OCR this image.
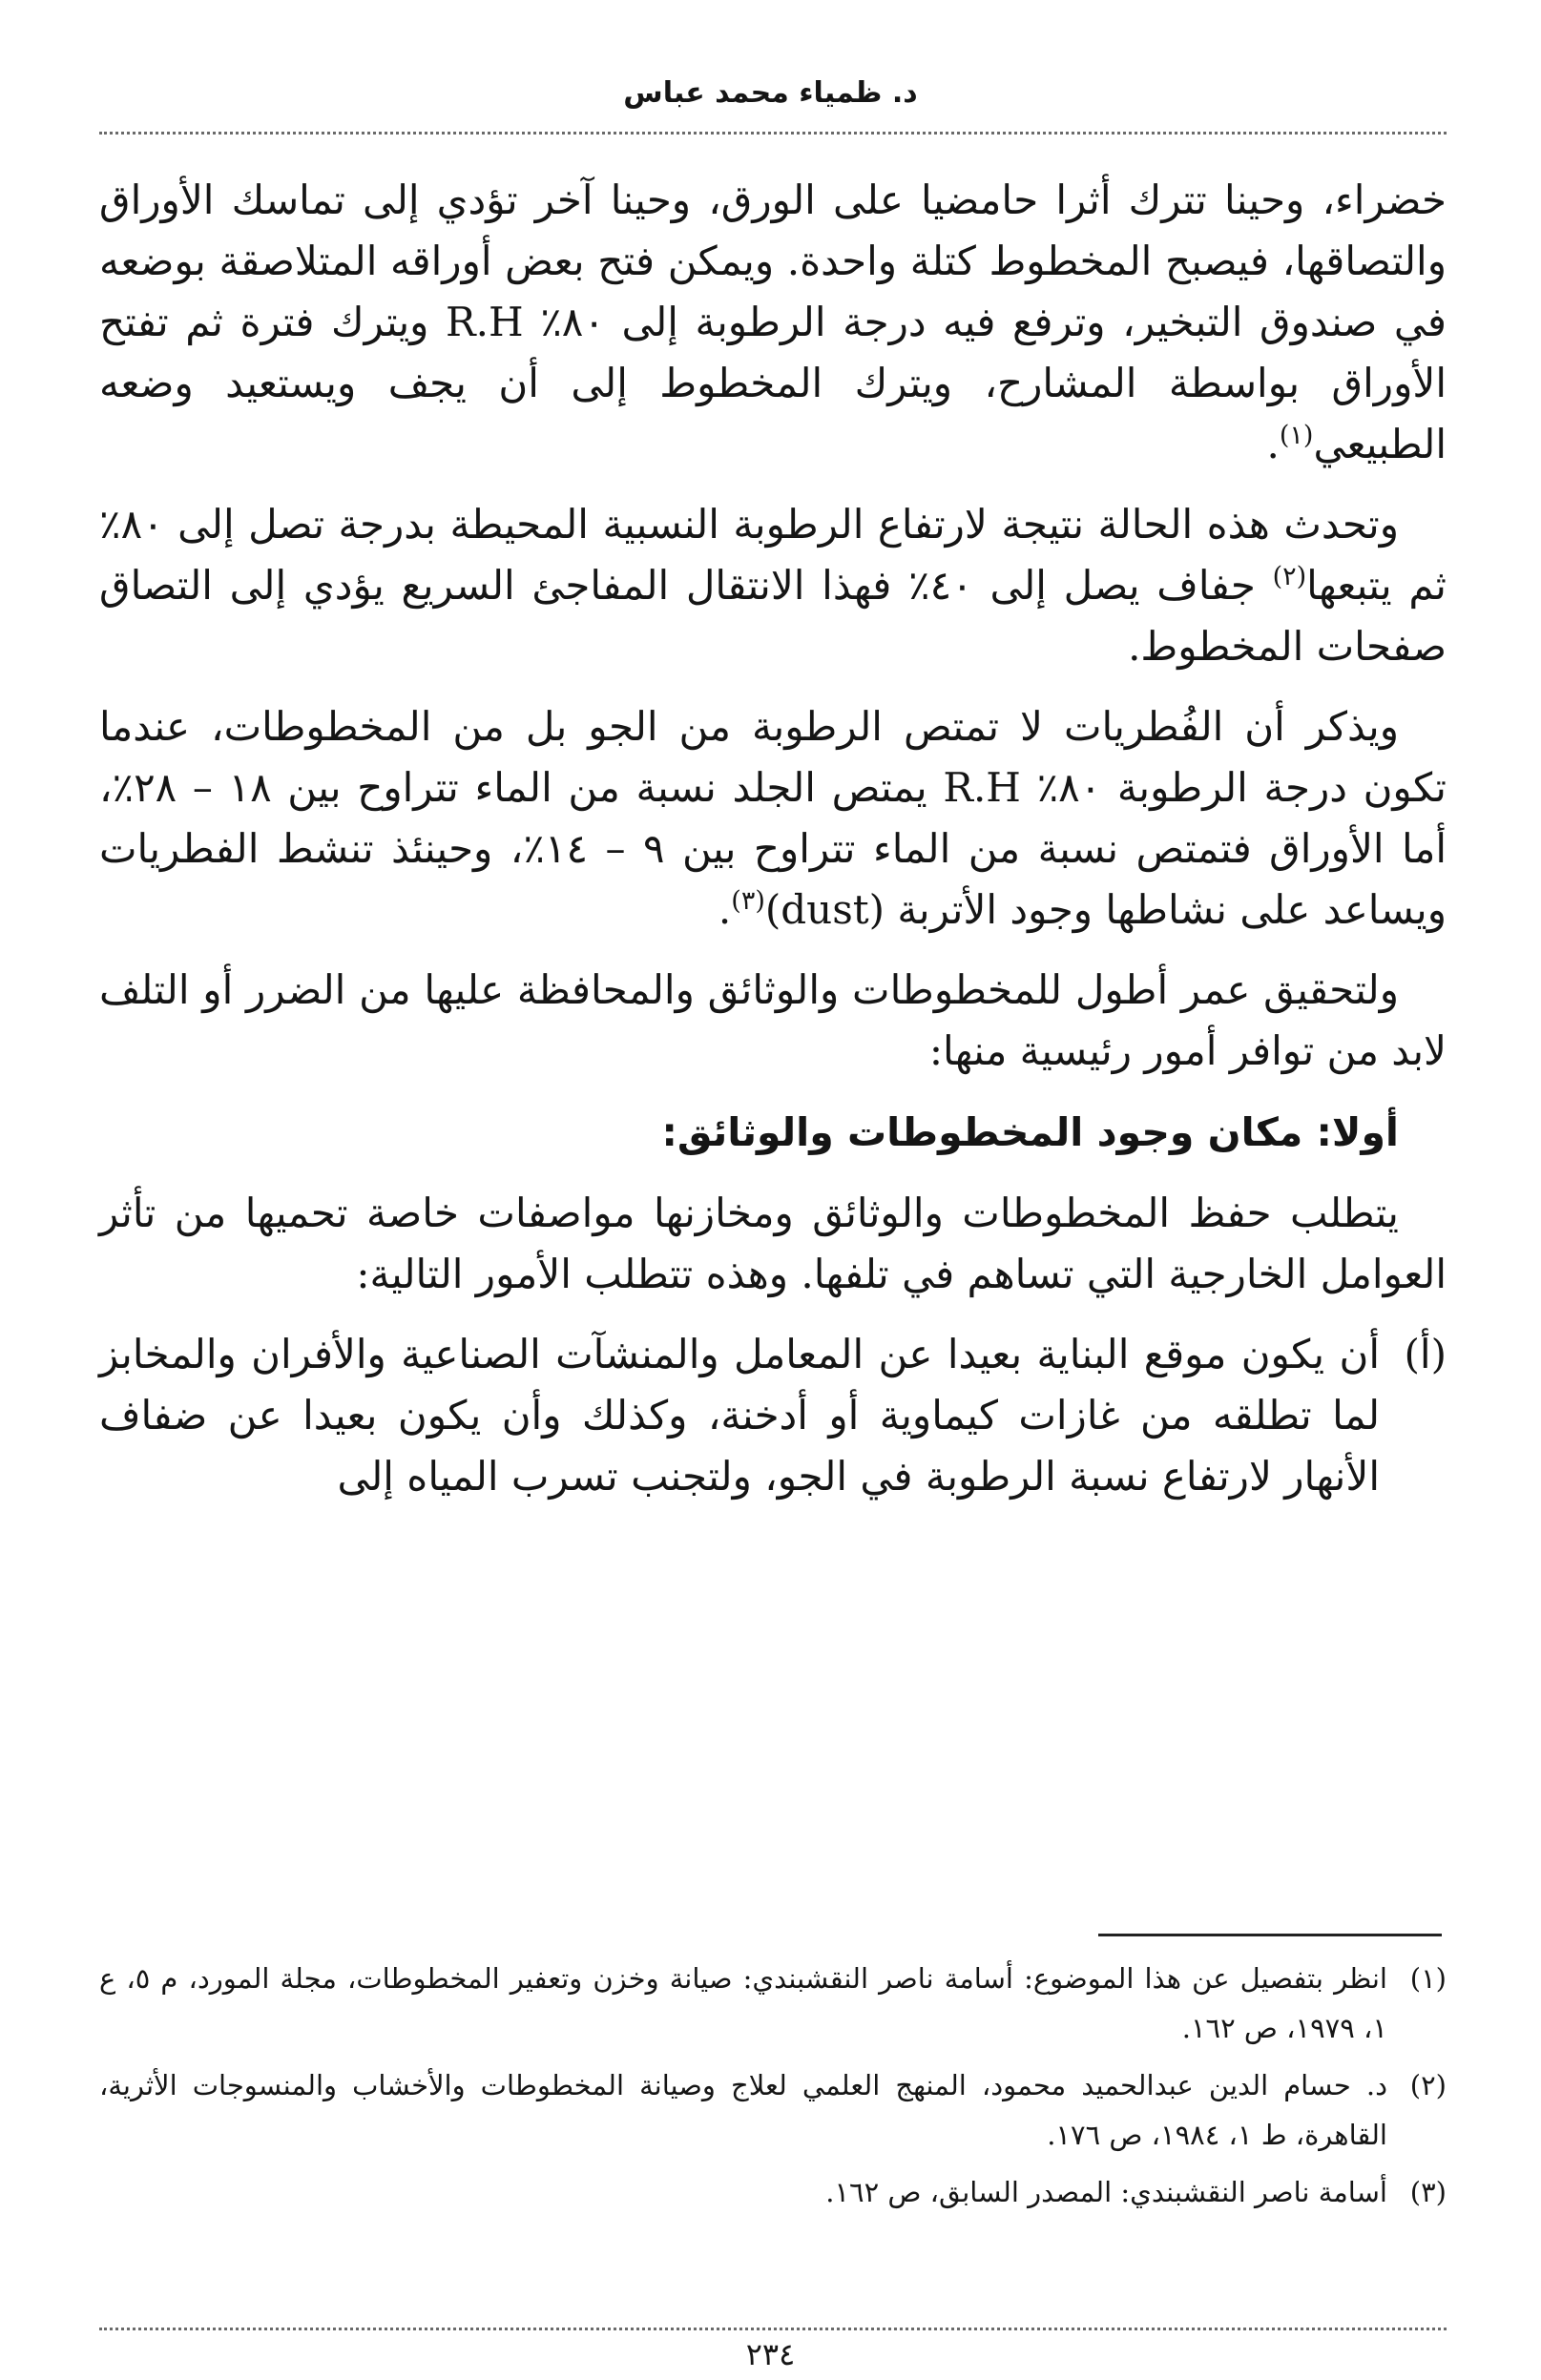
د. ظمياء محمد عباس

خضراء، وحينا تترك أثرا حامضيا على الورق، وحينا آخر تؤدي إلى تماسك الأوراق والتصاقها، فيصبح المخطوط كتلة واحدة. ويمكن فتح بعض أوراقه المتلاصقة بوضعه في صندوق التبخير، وترفع فيه درجة الرطوبة إلى ٨٠٪ R.H ويترك فترة ثم تفتح الأوراق بواسطة المشارح، ويترك المخطوط إلى أن يجف ويستعيد وضعه الطبيعي$^{(١)}$.

وتحدث هذه الحالة نتيجة لارتفاع الرطوبة النسبية المحيطة بدرجة تصل إلى ٨٠٪ ثم يتبعها$^{(٢)}$ جفاف يصل إلى ٤٠٪ فهذا الانتقال المفاجئ السريع يؤدي إلى التصاق صفحات المخطوط.

ويذكر أن الفُطريات لا تمتص الرطوبة من الجو بل من المخطوطات، عندما تكون درجة الرطوبة ٨٠٪ R.H يمتص الجلد نسبة من الماء تتراوح بين ١٨ – ٢٨٪، أما الأوراق فتمتص نسبة من الماء تتراوح بين ٩ – ١٤٪، وحينئذ تنشط الفطريات ويساعد على نشاطها وجود الأتربة (dust)$^{(٣)}$.

ولتحقيق عمر أطول للمخطوطات والوثائق والمحافظة عليها من الضرر أو التلف لابد من توافر أمور رئيسية منها:

أولا: مكان وجود المخطوطات والوثائق:

يتطلب حفظ المخطوطات والوثائق ومخازنها مواصفات خاصة تحميها من تأثر العوامل الخارجية التي تساهم في تلفها. وهذه تتطلب الأمور التالية:

(أ)
أن يكون موقع البناية بعيدا عن المعامل والمنشآت الصناعية والأفران والمخابز لما تطلقه من غازات كيماوية أو أدخنة، وكذلك وأن يكون بعيدا عن ضفاف الأنهار لارتفاع نسبة الرطوبة في الجو، ولتجنب تسرب المياه إلى

(١)
انظر بتفصيل عن هذا الموضوع: أسامة ناصر النقشبندي: صيانة وخزن وتعفير المخطوطات، مجلة المورد، م ٥، ع ١، ١٩٧٩، ص ١٦٢.

(٢)
د. حسام الدين عبدالحميد محمود، المنهج العلمي لعلاج وصيانة المخطوطات والأخشاب والمنسوجات الأثرية، القاهرة، ط ١، ١٩٨٤، ص ١٧٦.

(٣)
أسامة ناصر النقشبندي: المصدر السابق، ص ١٦٢.

٢٣٤
